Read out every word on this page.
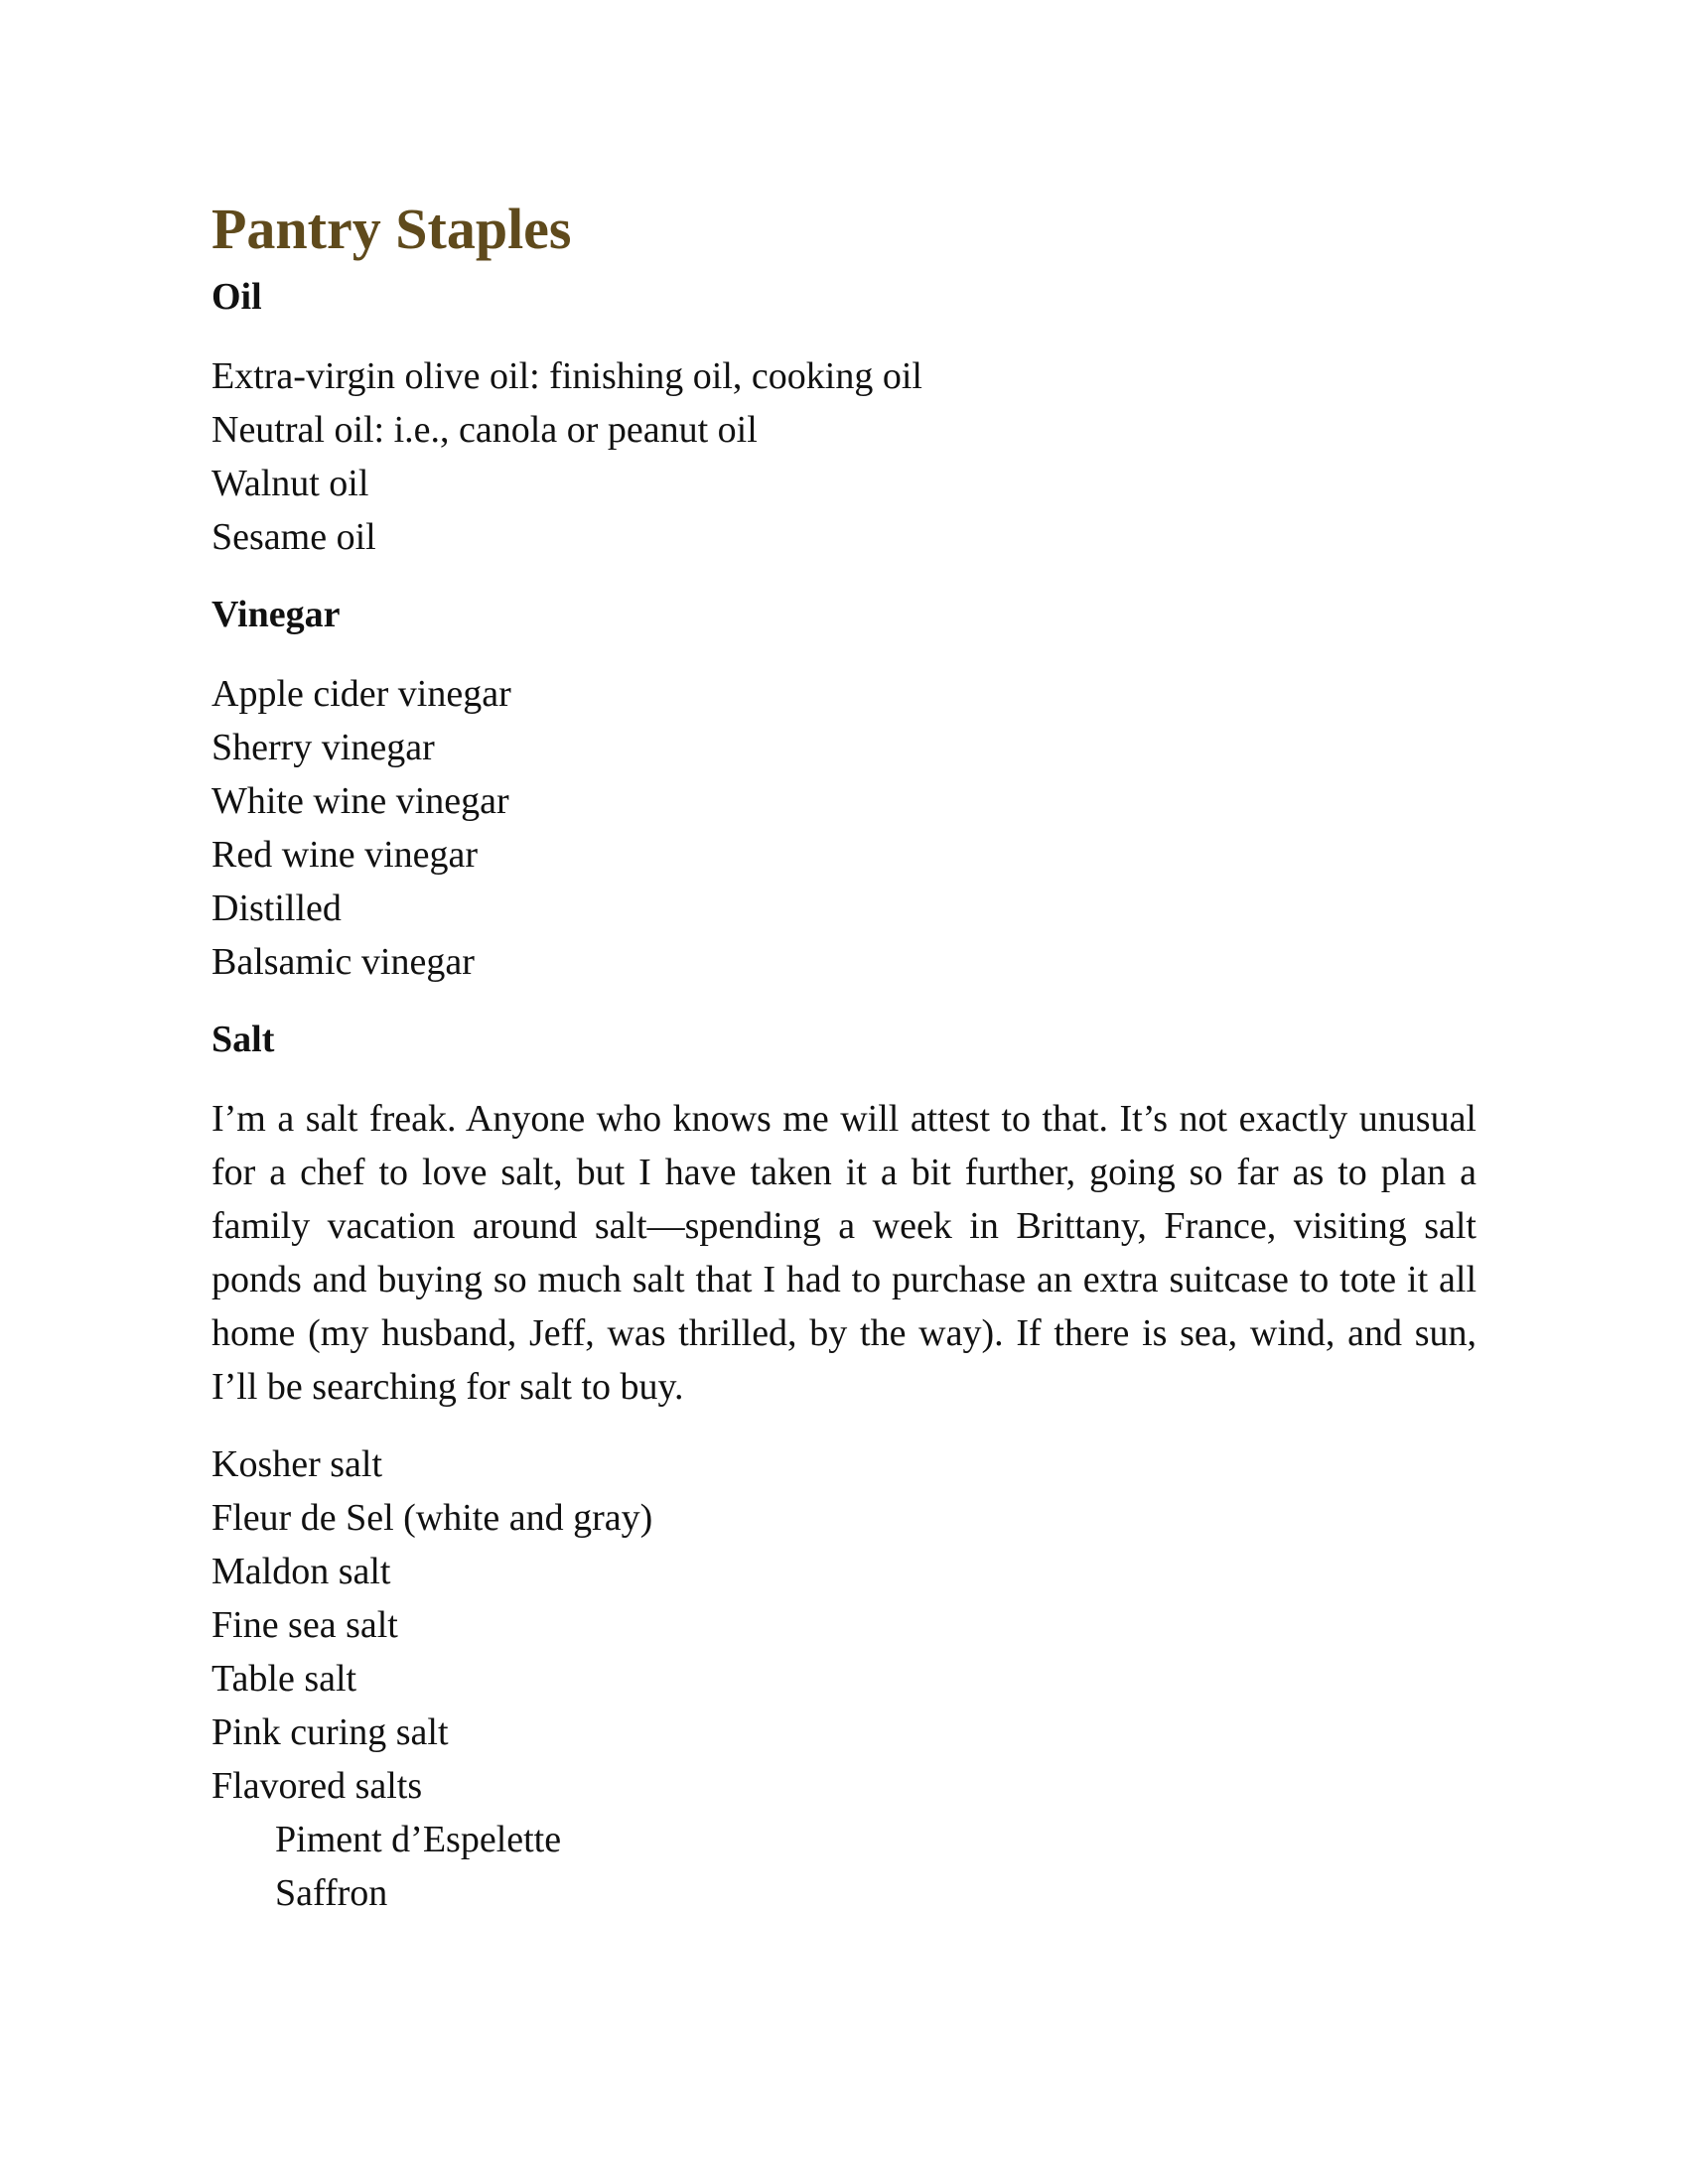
Pantry Staples
Oil
Extra-virgin olive oil: finishing oil, cooking oil
Neutral oil: i.e., canola or peanut oil
Walnut oil
Sesame oil
Vinegar
Apple cider vinegar
Sherry vinegar
White wine vinegar
Red wine vinegar
Distilled
Balsamic vinegar
Salt

I’m a salt freak. Anyone who knows me will attest to that. It’s not exactly unusual for a chef to love salt, but I have taken it a bit further, going so far as to plan a family vacation around salt—spending a week in Brittany, France, visiting salt ponds and buying so much salt that I had to purchase an extra suitcase to tote it all home (my husband, Jeff, was thrilled, by the way). If there is sea, wind, and sun, I’ll be searching for salt to buy.

Kosher salt
Fleur de Sel (white and gray)
Maldon salt
Fine sea salt
Table salt
Pink curing salt
Flavored salts
Piment d’Espelette
Saffron
